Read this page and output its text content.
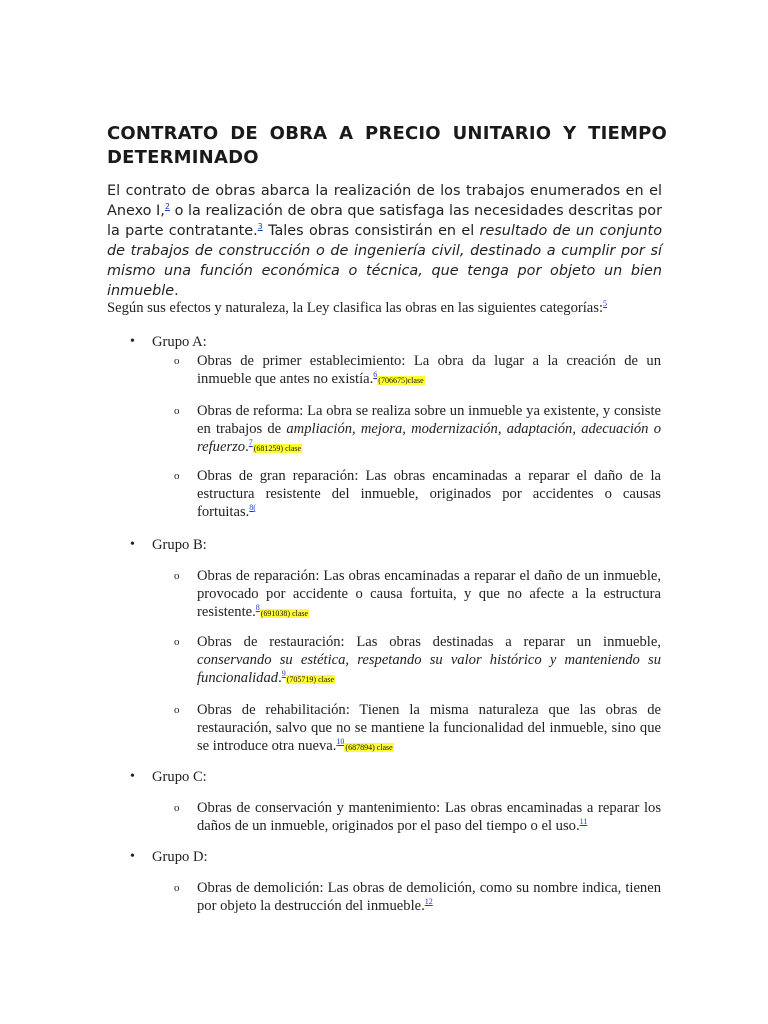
CONTRATO DE OBRA A PRECIO UNITARIO Y TIEMPO DETERMINADO

El contrato de obras abarca la realización de los trabajos enumerados en el Anexo I,$^2$ o la realización de obra que satisfaga las necesidades descritas por la parte contratante.$^3$ Tales obras consistirán en el resultado de un conjunto de trabajos de construcción o de ingeniería civil, destinado a cumplir por sí mismo una función económica o técnica, que tenga por objeto un bien inmueble.

Según sus efectos y naturaleza, la Ley clasifica las obras en las siguientes categorías:$^5$

• Grupo A:
o Obras de primer establecimiento: La obra da lugar a la creación de un inmueble que antes no existía.$^6$(706675)clase
o Obras de reforma: La obra se realiza sobre un inmueble ya existente, y consiste en trabajos de ampliación, mejora, modernización, adaptación, adecuación o refuerzo.$^7$(681259) clase
o Obras de gran reparación: Las obras encaminadas a reparar el daño de la estructura resistente del inmueble, originados por accidentes o causas fortuitas.$^{8(}$
• Grupo B:
o Obras de reparación: Las obras encaminadas a reparar el daño de un inmueble, provocado por accidente o causa fortuita, y que no afecte a la estructura resistente.$^8$(691038) clase
o Obras de restauración: Las obras destinadas a reparar un inmueble, conservando su estética, respetando su valor histórico y manteniendo su funcionalidad.$^9$(705719) clase
o Obras de rehabilitación: Tienen la misma naturaleza que las obras de restauración, salvo que no se mantiene la funcionalidad del inmueble, sino que se introduce otra nueva.$^{10}$(687894) clase
• Grupo C:
o Obras de conservación y mantenimiento: Las obras encaminadas a reparar los daños de un inmueble, originados por el paso del tiempo o el uso.$^{11}$
• Grupo D:
o Obras de demolición: Las obras de demolición, como su nombre indica, tienen por objeto la destrucción del inmueble.$^{12}$
